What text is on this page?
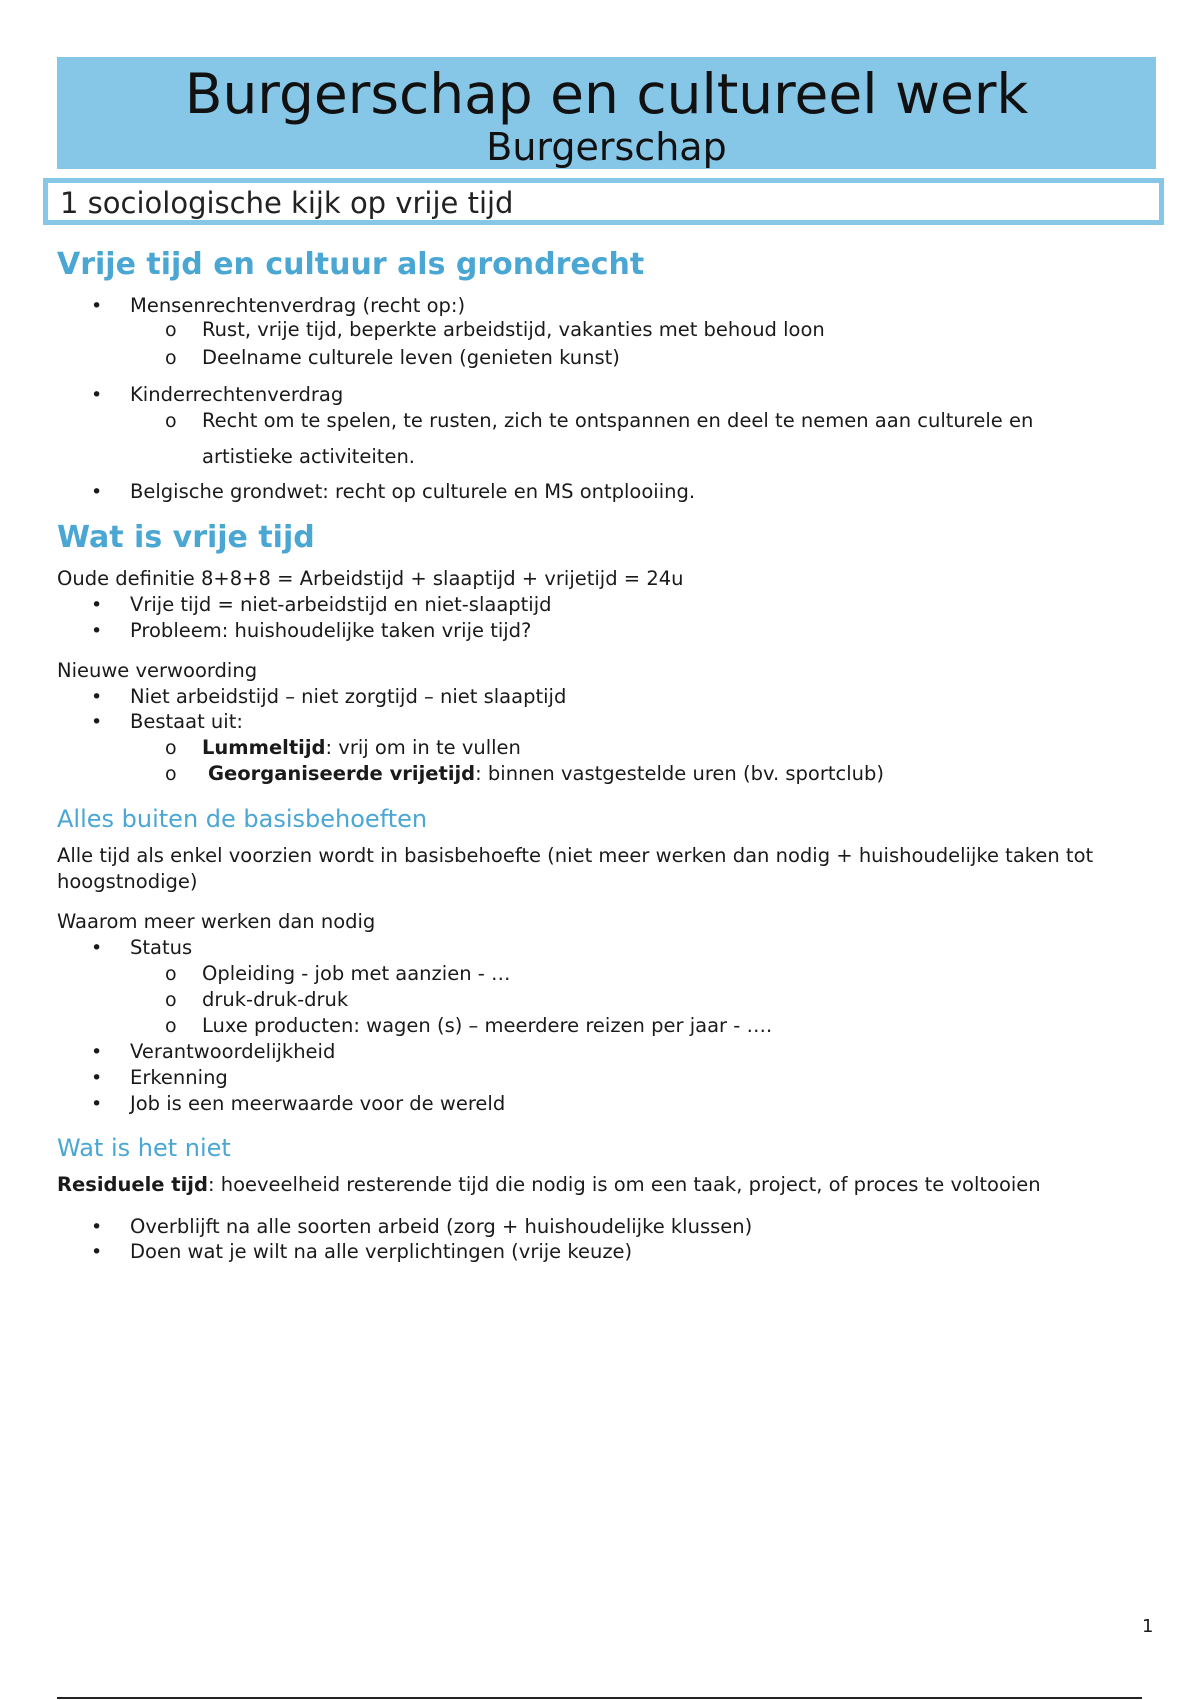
Burgerschap en cultureel werk
Burgerschap
1 sociologische kijk op vrije tijd
Vrije tijd en cultuur als grondrecht
• Mensenrechtenverdrag (recht op:)
o Rust, vrije tijd, beperkte arbeidstijd, vakanties met behoud loon
o Deelname culturele leven (genieten kunst)
• Kinderrechtenverdrag
o Recht om te spelen, te rusten, zich te ontspannen en deel te nemen aan culturele en
artistieke activiteiten.
• Belgische grondwet: recht op culturele en MS ontplooiing.
Wat is vrije tijd
Oude definitie 8+8+8 = Arbeidstijd + slaaptijd + vrijetijd = 24u
• Vrije tijd = niet-arbeidstijd en niet-slaaptijd
• Probleem: huishoudelijke taken vrije tijd?
Nieuwe verwoording
• Niet arbeidstijd – niet zorgtijd – niet slaaptijd
• Bestaat uit:
o Lummeltijd: vrij om in te vullen
o Georganiseerde vrijetijd: binnen vastgestelde uren (bv. sportclub)
Alles buiten de basisbehoeften
Alle tijd als enkel voorzien wordt in basisbehoefte (niet meer werken dan nodig + huishoudelijke taken tot hoogstnodige)
Waarom meer werken dan nodig
• Status
o Opleiding - job met aanzien - …
o druk-druk-druk
o Luxe producten: wagen (s) – meerdere reizen per jaar - ….
• Verantwoordelijkheid
• Erkenning
• Job is een meerwaarde voor de wereld
Wat is het niet
Residuele tijd: hoeveelheid resterende tijd die nodig is om een taak, project, of proces te voltooien
• Overblijft na alle soorten arbeid (zorg + huishoudelijke klussen)
• Doen wat je wilt na alle verplichtingen (vrije keuze)
1
